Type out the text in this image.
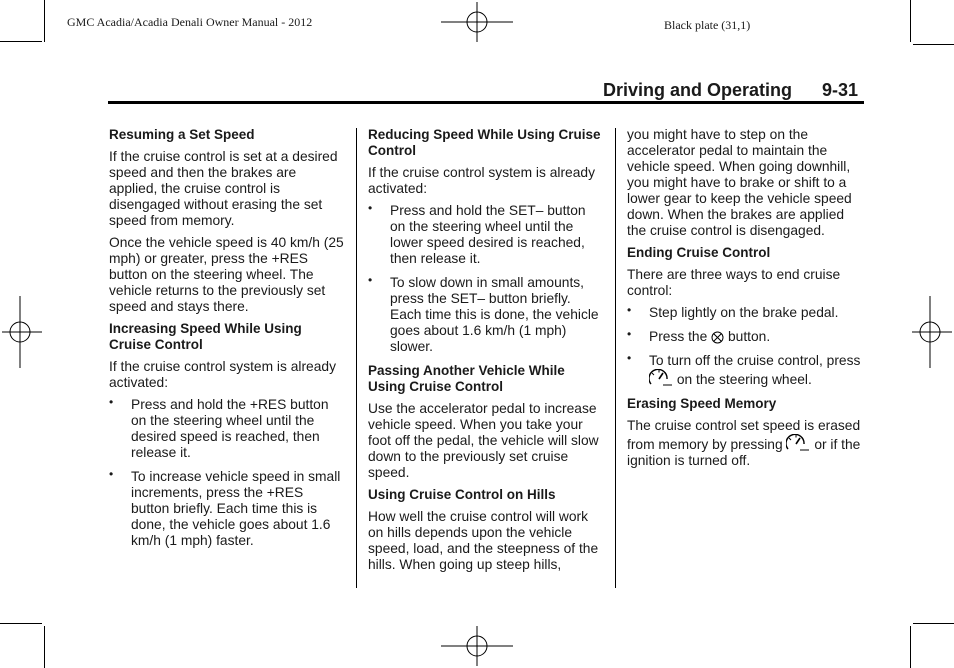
GMC Acadia/Acadia Denali Owner Manual - 2012	Black plate (31,1)
Driving and Operating 9-31
Resuming a Set Speed

If the cruise control is set at a desired speed and then the brakes are applied, the cruise control is disengaged without erasing the set speed from memory.

Once the vehicle speed is 40 km/h (25 mph) or greater, press the +RES button on the steering wheel. The vehicle returns to the previously set speed and stays there.

Increasing Speed While Using Cruise Control

If the cruise control system is already activated:

• Press and hold the +RES button on the steering wheel until the desired speed is reached, then release it.
• To increase vehicle speed in small increments, press the +RES button briefly. Each time this is done, the vehicle goes about 1.6 km/h (1 mph) faster.
Reducing Speed While Using Cruise Control

If the cruise control system is already activated:

• Press and hold the SET– button on the steering wheel until the lower speed desired is reached, then release it.
• To slow down in small amounts, press the SET– button briefly. Each time this is done, the vehicle goes about 1.6 km/h (1 mph) slower.
Passing Another Vehicle While Using Cruise Control

Use the accelerator pedal to increase vehicle speed. When you take your foot off the pedal, the vehicle will slow down to the previously set cruise speed.

Using Cruise Control on Hills

How well the cruise control will work on hills depends upon the vehicle speed, load, and the steepness of the hills. When going up steep hills,

you might have to step on the accelerator pedal to maintain the vehicle speed. When going downhill, you might have to brake or shift to a lower gear to keep the vehicle speed down. When the brakes are applied the cruise control is disengaged.

Ending Cruise Control

There are three ways to end cruise control:

• Step lightly on the brake pedal.
• Press the button.
• To turn off the cruise control, press  on the steering wheel.
Erasing Speed Memory

The cruise control set speed is erased from memory by pressing or if the ignition is turned off.
